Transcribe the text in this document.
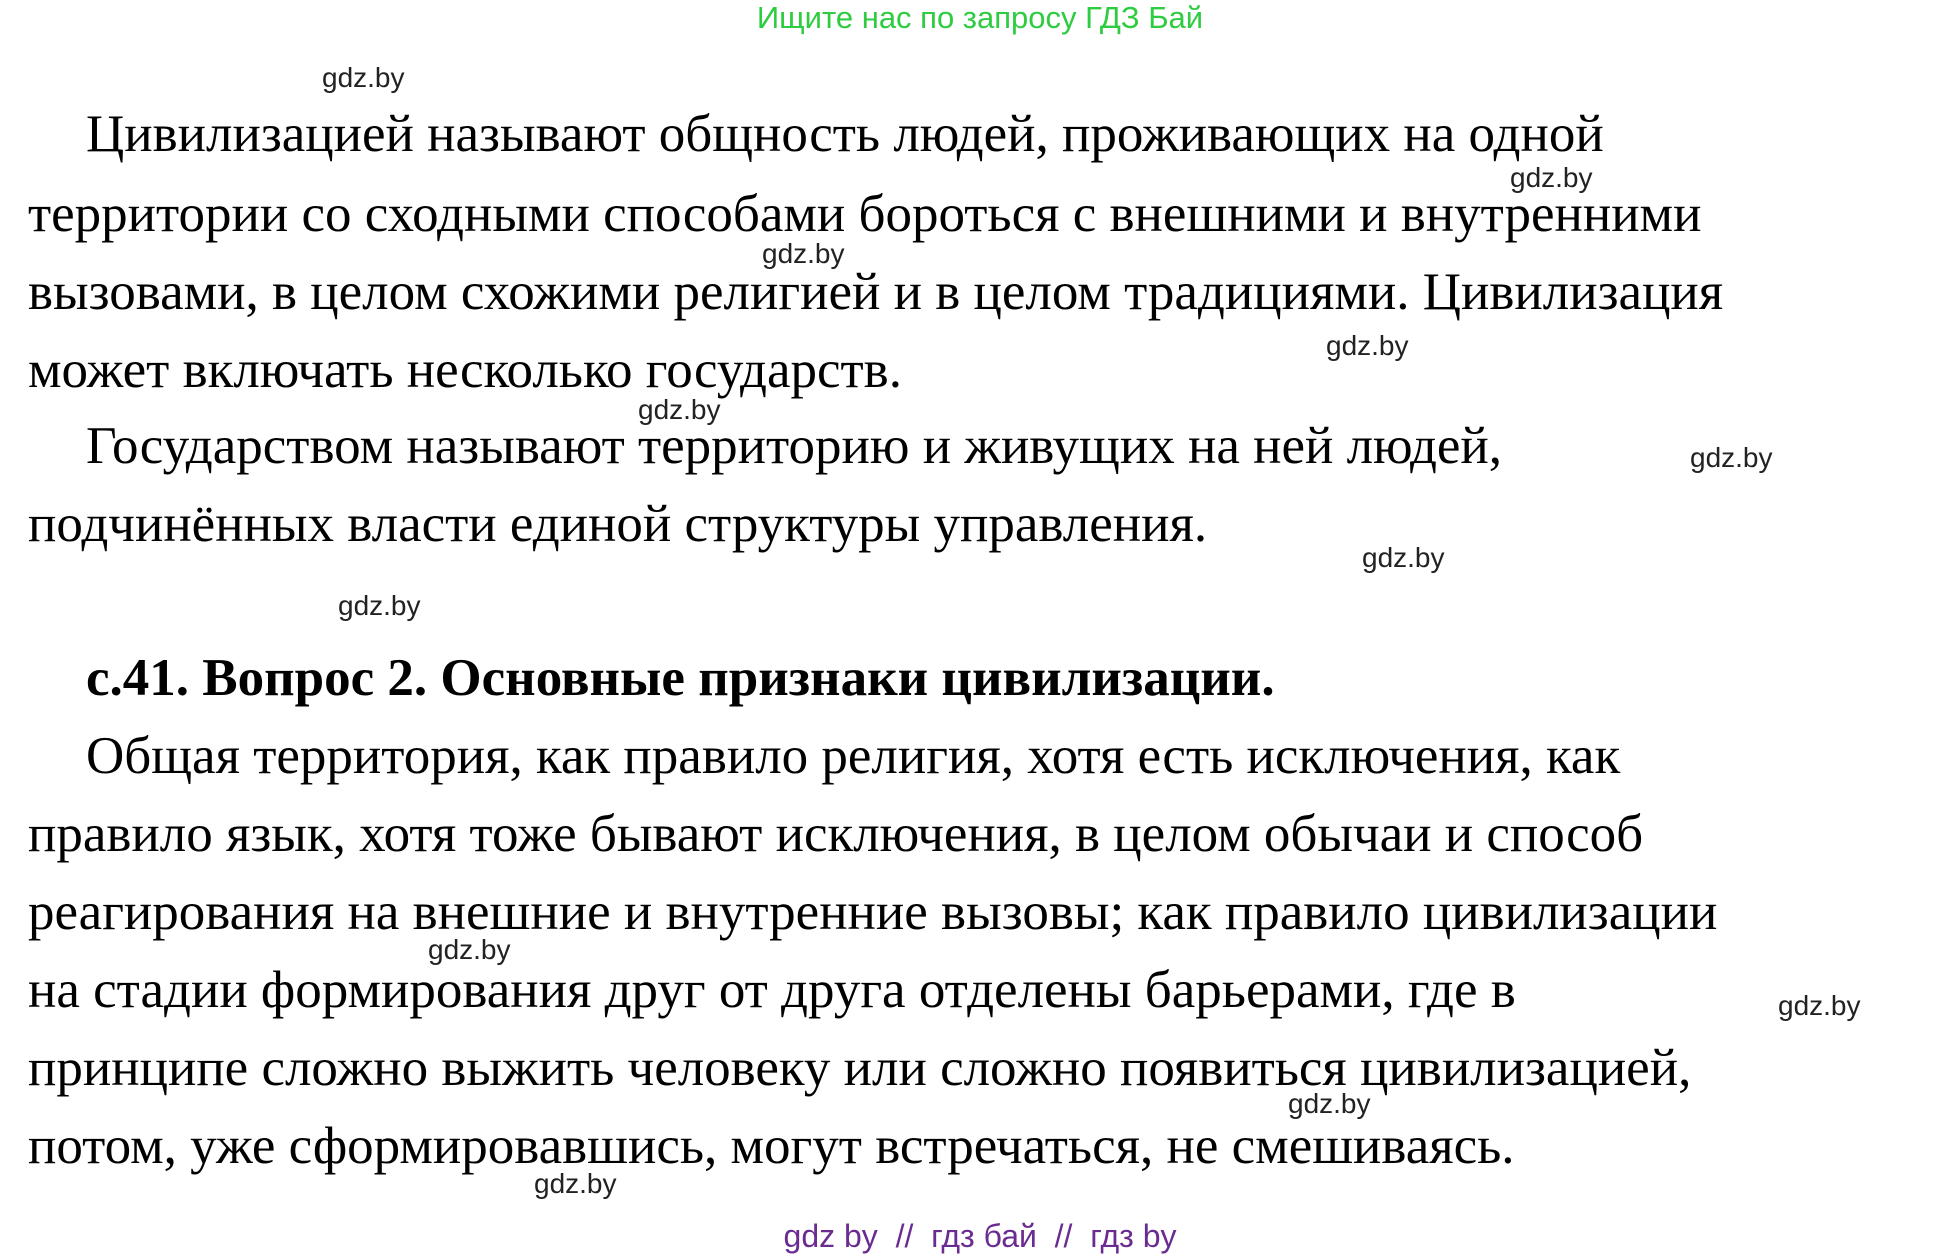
Ищите нас по запросу ГДЗ Бай

Цивилизацией называют общность людей, проживающих на одной

территории со сходными способами бороться с внешними и внутренними

вызовами, в целом схожими религией и в целом традициями. Цивилизация

может включать несколько государств.

Государством называют территорию и живущих на ней людей,

подчинённых власти единой структуры управления.

с.41. Вопрос 2. Основные признаки цивилизации.

Общая территория, как правило религия, хотя есть исключения, как

правило язык, хотя тоже бывают исключения, в целом обычаи и способ

реагирования на внешние и внутренние вызовы; как правило цивилизации

на стадии формирования друг от друга отделены барьерами, где в

принципе сложно выжить человеку или сложно появиться цивилизацией,

потом, уже сформировавшись, могут встречаться, не смешиваясь.

gdz.by
gdz.by
gdz.by
gdz.by
gdz.by
gdz.by
gdz.by
gdz.by
gdz.by
gdz.by
gdz.by
gdz.by
gdz by  //  гдз бай  //  гдз by
